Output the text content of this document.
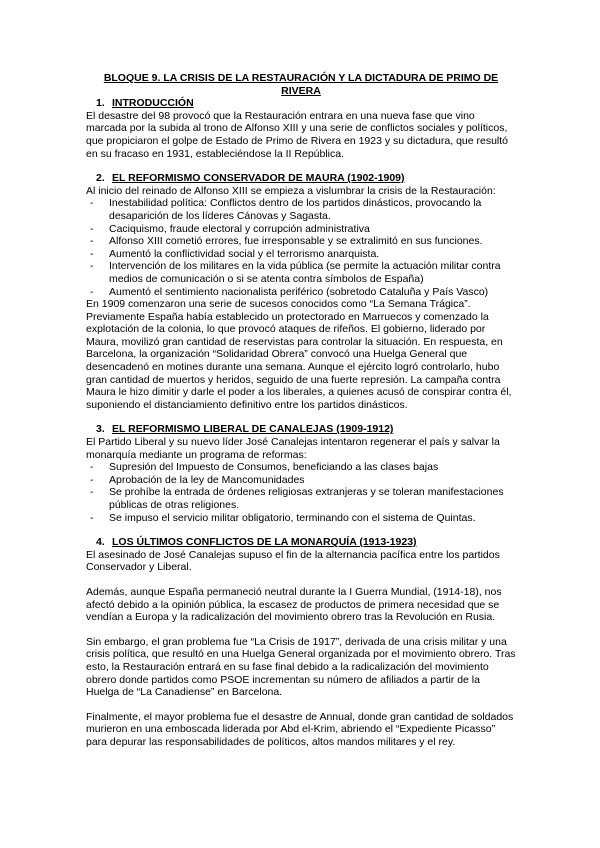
BLOQUE 9. LA CRISIS DE LA RESTAURACIÓN Y LA DICTADURA DE PRIMO DE RIVERA

1. INTRODUCCIÓN

El desastre del 98 provocó que la Restauración entrara en una nueva fase que vino marcada por la subida al trono de Alfonso XIII y una serie de conflictos sociales y políticos, que propiciaron el golpe de Estado de Primo de Rivera en 1923 y su dictadura, que resultó en su fracaso en 1931, estableciéndose la II República.

2. EL REFORMISMO CONSERVADOR DE MAURA (1902-1909)

Al inicio del reinado de Alfonso XIII se empieza a vislumbrar la crisis de la Restauración:

-	Inestabilidad política: Conflictos dentro de los partidos dinásticos, provocando la desaparición de los líderes Cánovas y Sagasta.
-	Caciquismo, fraude electoral y corrupción administrativa
-	Alfonso XIII cometió errores, fue irresponsable y se extralimitó en sus funciones.
-	Aumentó la conflictividad social y el terrorismo anarquista.
-	Intervención de los militares en la vida pública (se permite la actuación militar contra medios de comunicación o si se atenta contra símbolos de España)
-	Aumentó el sentimiento nacionalista periférico (sobretodo Cataluña y País Vasco)

En 1909 comenzaron una serie de sucesos conocidos como “La Semana Trágica”. Previamente España había establecido un protectorado en Marruecos y comenzado la explotación de la colonia, lo que provocó ataques de rifeños. El gobierno, liderado por Maura, movilizó gran cantidad de reservistas para controlar la situación. En respuesta, en Barcelona, la organización “Solidaridad Obrera” convocó una Huelga General que desencadenó en motines durante una semana. Aunque el ejército logró controlarlo, hubo gran cantidad de muertos y heridos, seguido de una fuerte represión. La campaña contra Maura le hizo dimitir y darle el poder a los liberales, a quienes acusó de conspirar contra él, suponiendo el distanciamiento definitivo entre los partidos dinásticos.

3. EL REFORMISMO LIBERAL DE CANALEJAS (1909-1912)

El Partido Liberal y su nuevo líder José Canalejas intentaron regenerar el país y salvar la monarquía mediante un programa de reformas:

-	Supresión del Impuesto de Consumos, beneficiando a las clases bajas
-	Aprobación de la ley de Mancomunidades
-	Se prohíbe la entrada de órdenes religiosas extranjeras y se toleran manifestaciones públicas de otras religiones.
-	Se impuso el servicio militar obligatorio, terminando con el sistema de Quintas.
4. LOS ÚLTIMOS CONFLICTOS DE LA MONARQUÍA (1913-1923)

El asesinado de José Canalejas supuso el fin de la alternancia pacífica entre los partidos Conservador y Liberal.

Además, aunque España permaneció neutral durante la I Guerra Mundial, (1914-18), nos afectó debido a la opinión pública, la escasez de productos de primera necesidad que se vendían a Europa y la radicalización del movimiento obrero tras la Revolución en Rusia.

Sin embargo, el gran problema fue “La Crisis de 1917”, derivada de una crisis militar y una crisis política, que resultó en una Huelga General organizada por el movimiento obrero. Tras esto, la Restauración entrará en su fase final debido a la radicalización del movimiento obrero donde partidos como PSOE incrementan su número de afiliados a partir de la Huelga de “La Canadiense” en Barcelona.

Finalmente, el mayor problema fue el desastre de Annual, donde gran cantidad de soldados murieron en una emboscada liderada por Abd el-Krim, abriendo el “Expediente Picasso” para depurar las responsabilidades de políticos, altos mandos militares y el rey.
